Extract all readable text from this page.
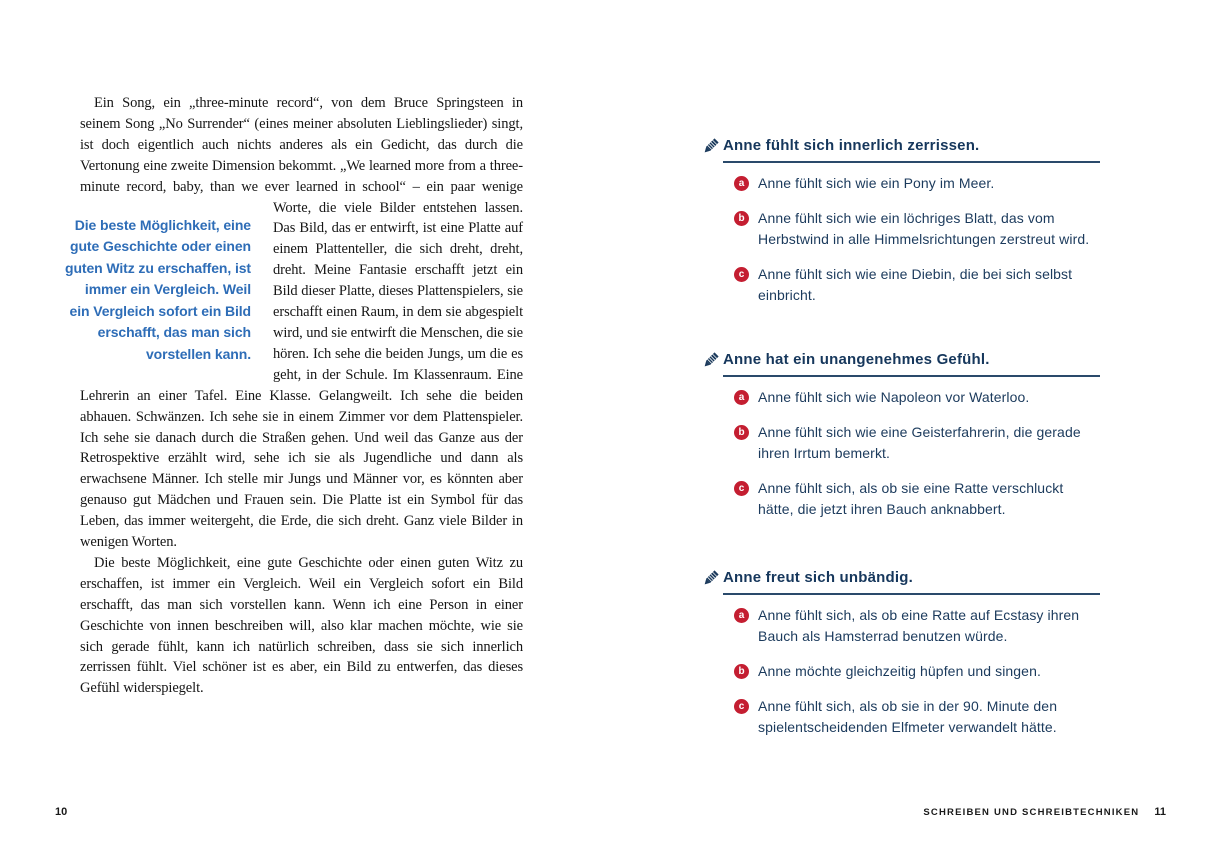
Ein Song, ein „three-minute record“, von dem Bruce Springsteen in seinem Song „No Surrender“ (eines meiner absoluten Lieblingslieder) singt, ist doch eigentlich auch nichts anderes als ein Gedicht, das durch die Vertonung eine zweite Dimension bekommt. „We learned more from a three-minute record, baby, than we ever learned in school“ – ein paar wenige
Die beste Möglichkeit, eine gute Geschichte oder einen guten Witz zu erschaffen, ist immer ein Vergleich. Weil ein Vergleich sofort ein Bild erschafft, das man sich vorstellen kann.
Worte, die viele Bilder entstehen lassen. Das Bild, das er entwirft, ist eine Platte auf einem Plattenteller, die sich dreht, dreht, dreht. Meine Fantasie erschafft jetzt ein Bild dieser Platte, dieses Plattenspielers, sie erschafft einen Raum, in dem sie abgespielt wird, und sie entwirft die Menschen, die sie hören. Ich sehe die beiden Jungs, um die es geht, in der Schule. Im Klassenraum. Eine Lehrerin an einer Tafel. Eine Klasse. Gelangweilt. Ich sehe die beiden abhauen. Schwänzen. Ich sehe sie in einem Zimmer vor dem Plattenspieler. Ich sehe sie danach durch die Straßen gehen. Und weil das Ganze aus der Retrospektive erzählt wird, sehe ich sie als Jugendliche und dann als erwachsene Männer. Ich stelle mir Jungs und Männer vor, es könnten aber genauso gut Mädchen und Frauen sein. Die Platte ist ein Symbol für das Leben, das immer weitergeht, die Erde, die sich dreht. Ganz viele Bilder in wenigen Worten.

Die beste Möglichkeit, eine gute Geschichte oder einen guten Witz zu erschaffen, ist immer ein Vergleich. Weil ein Vergleich sofort ein Bild erschafft, das man sich vorstellen kann. Wenn ich eine Person in einer Geschichte von innen beschreiben will, also klar machen möchte, wie sie sich gerade fühlt, kann ich natürlich schreiben, dass sie sich innerlich zerrissen fühlt. Viel schöner ist es aber, ein Bild zu entwerfen, das dieses Gefühl widerspiegelt.

Anne fühlt sich innerlich zerrissen.
a Anne fühlt sich wie ein Pony im Meer.
b Anne fühlt sich wie ein löchriges Blatt, das vom Herbstwind in alle Himmelsrichtungen zerstreut wird.
c Anne fühlt sich wie eine Diebin, die bei sich selbst einbricht.
Anne hat ein unangenehmes Gefühl.
a Anne fühlt sich wie Napoleon vor Waterloo.
b Anne fühlt sich wie eine Geisterfahrerin, die gerade ihren Irrtum bemerkt.
c Anne fühlt sich, als ob sie eine Ratte verschluckt hätte, die jetzt ihren Bauch anknabbert.
Anne freut sich unbändig.
a Anne fühlt sich, als ob eine Ratte auf Ecstasy ihren Bauch als Hamsterrad benutzen würde.
b Anne möchte gleichzeitig hüpfen und singen.
c Anne fühlt sich, als ob sie in der 90. Minute den spielentscheidenden Elfmeter verwandelt hätte.
10	SCHREIBEN UND SCHREIBTECHNIKEN 11
